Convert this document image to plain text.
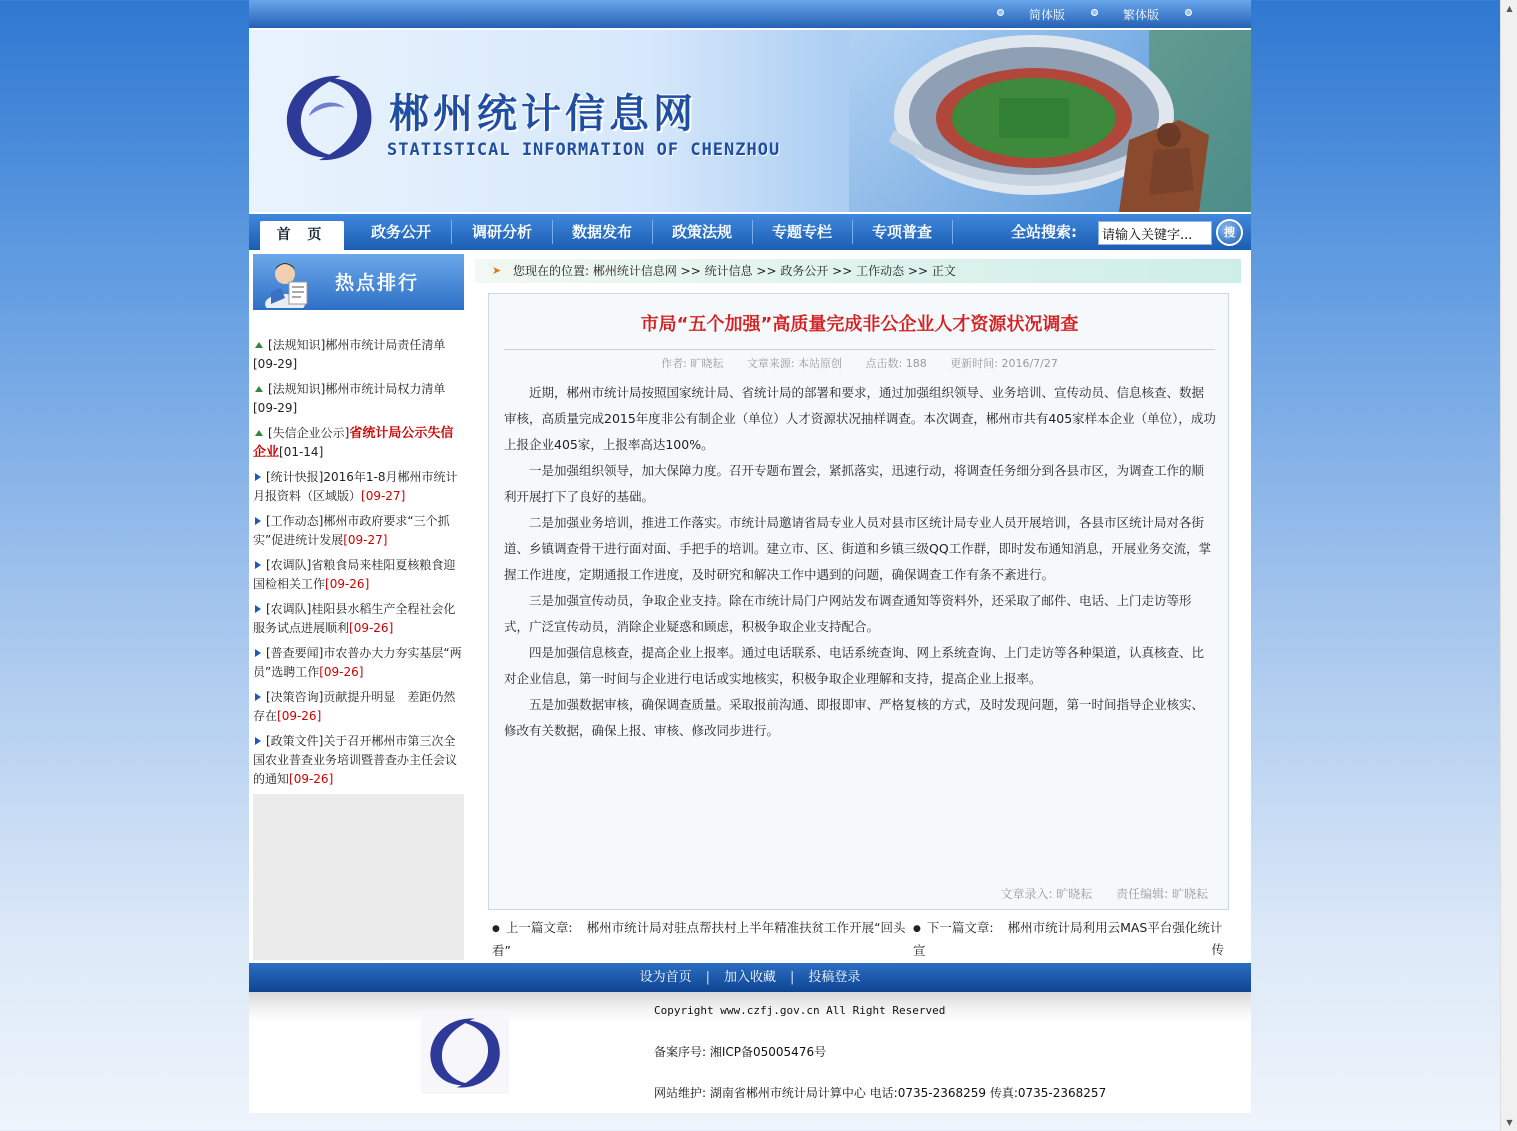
简体版	繁体版
郴州统计信息网
STATISTICAL INFORMATION OF CHENZHOU
首 页	政务公开	调研分析	数据发布	政策法规	专题专栏	专项普查	全站搜索:
请输入关键字...	搜
热点排行
[法规知识]郴州市统计局责任清单
[09-29]
[法规知识]郴州市统计局权力清单
[09-29]
[失信企业公示]省统计局公示失信企业[01-14]
[统计快报]2016年1-8月郴州市统计月报资料（区域版）[09-27]
[工作动态]郴州市政府要求“三个抓实”促进统计发展[09-27]
[农调队]省粮食局来桂阳夏核粮食迎国检相关工作[09-26]
[农调队]桂阳县水稻生产全程社会化服务试点进展顺利[09-26]
[普查要闻]市农普办大力夯实基层“两员”选聘工作[09-26]
[决策咨询]贡献提升明显　差距仍然存在[09-26]
[政策文件]关于召开郴州市第三次全国农业普查业务培训暨普查办主任会议的通知[09-26]
➤ 您现在的位置: 郴州统计信息网 >> 统计信息 >> 政务公开 >> 工作动态 >> 正文
市局“五个加强”高质量完成非公企业人才资源状况调查
作者: 旷晓耘 文章来源: 本站原创 点击数: 188 更新时间: 2016/7/27

近期，郴州市统计局按照国家统计局、省统计局的部署和要求，通过加强组织领导、业务培训、宣传动员、信息核查、数据审核，高质量完成2015年度非公有制企业（单位）人才资源状况抽样调查。本次调查，郴州市共有405家样本企业（单位），成功上报企业405家，上报率高达100%。

一是加强组织领导，加大保障力度。召开专题布置会，紧抓落实，迅速行动，将调查任务细分到各县市区，为调查工作的顺利开展打下了良好的基础。

二是加强业务培训，推进工作落实。市统计局邀请省局专业人员对县市区统计局专业人员开展培训，各县市区统计局对各街道、乡镇调查骨干进行面对面、手把手的培训。建立市、区、街道和乡镇三级QQ工作群，即时发布通知消息，开展业务交流，掌握工作进度，定期通报工作进度，及时研究和解决工作中遇到的问题，确保调查工作有条不紊进行。

三是加强宣传动员，争取企业支持。除在市统计局门户网站发布调查通知等资料外，还采取了邮件、电话、上门走访等形式，广泛宣传动员，消除企业疑惑和顾虑，积极争取企业支持配合。

四是加强信息核查，提高企业上报率。通过电话联系、电话系统查询、网上系统查询、上门走访等各种渠道，认真核查、比对企业信息，第一时间与企业进行电话或实地核实，积极争取企业理解和支持，提高企业上报率。

五是加强数据审核，确保调查质量。采取报前沟通、即报即审、严格复核的方式，及时发现问题，第一时间指导企业核实、修改有关数据，确保上报、审核、修改同步进行。

文章录入: 旷晓耘 责任编辑: 旷晓耘
● 上一篇文章: 郴州市统计局对驻点帮扶村上半年精准扶贫工作开展“回头
看”
● 下一篇文章: 郴州市统计局利用云MAS平台强化统计宣	传
设为首页 | 加入收藏 | 投稿登录
Copyright www.czfj.gov.cn All Right Reserved
备案序号: 湘ICP备05005476号
网站维护: 湖南省郴州市统计局计算中心 电话:0735-2368259 传真:0735-2368257
▲
▼
